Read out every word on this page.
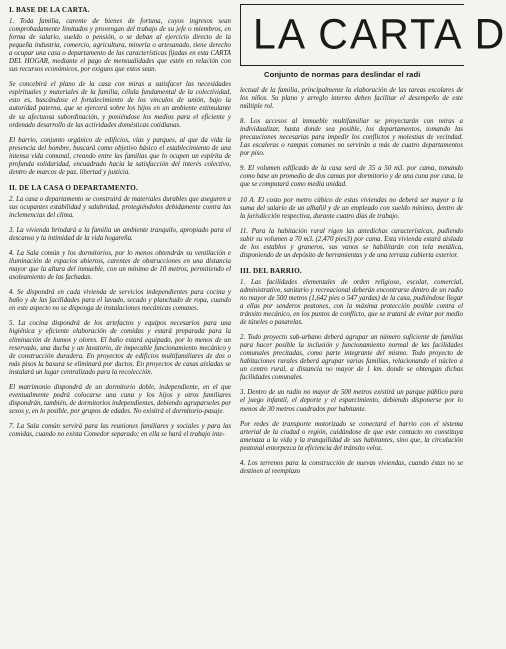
I. BASE DE LA CARTA.

1. Toda familia, carente de bienes de fortuna, cuyos ingresos sean comprobadamente limitados y provengan del trabajo de su jefe o miembros, en forma de salario, sueldo o pensión, o se deban al ejercicio directo de la pequeña industria, comercio, agricultura, minería o artesanado, tiene derecho a ocupar una casa o departamento de las características fijadas en esta CARTA DEL HOGAR, mediante el pago de mensualidades que estén en relación con sus recursos económicos, por exiguos que estos sean.

Se concebirá el plano de la casa con miras a satisfacer las necesidades espirituales y materiales de la familia, célula fundamental de la colectividad, esto es, buscándose el fortalecimiento de los vínculos de unión, bajo la autoridad paterna, que se ejercerá sobre los hijos en un ambiente estimulante de su afectuosa subordinación, y poniéndose los medios para el eficiente y ordenado desarrollo de las actividades domésticas cotidianas.

El barrio, conjunto orgánico de edificios, vías y parques, al que da vida la presencia del hombre, buscará como objetivo básico el establecimiento de una intensa vida comunal, creando entre las familias que lo ocupen un espíritu de profunda solidaridad, encuadrado hacia la satisfacción del interés colectivo, dentro de marcos de paz, libertad y justicia.

II. DE LA CASA O DEPARTAMENTO.

2. La casa o departamento se construirá de materiales durables que aseguren a sus ocupantes estabilidad y salubridad, protegiéndolos debidamente contra las inclemencias del clima.

3. La vivienda brindará a la familia un ambiente tranquilo, apropiado para el descanso y la intimidad de la vida hogareña.

4. La Sala común y los dormitorios, por lo menos obtendrán su ventilación e iluminación de espacios abiertos, carentes de obstrucciones en una distancia mayor que la altura del inmueble, con un mínimo de 10 metros, permitiendo el asoleamiento de las fachadas.

4. Se dispondrá en cada vivienda de servicios independientes para cocina y baño y de las facilidades para el lavado, secado y planchado de ropa, cuando en este aspecto no se disponga de instalaciones mecánicas comunes.

5. La cocina dispondrá de los artefactos y equipos necesarios para una higiénica y eficiente elaboración de comidas y estará preparada para la eliminación de humos y olores. El baño estará equipado, por lo menos de un reservado, una ducha y un lavatorio, de impecable funcionamiento mecánico y de construcción duradera. En proyectos de edificios multifamiliares de dos o más pisos la basura se eliminará por ductos. En proyectos de casas aisladas se instalará un lugar centralizado para la recolección.

El matrimonio dispondrá de un dormitorio doble, independiente, en el que eventualmente podrá colocarse una cuna y los hijos y otros familiares dispondrán, también, de dormitorios independientes, debiendo agruparseles por sexos y, en lo posible, por grupos de edades. No existirá el dormitorio-pasaje.

7. La Sala común servirá para las reuniones familiares y sociales y para las comidas, cuando no exista Comedor separado; en ella se hará el trabajo inte-

LA CARTA D
Conjunto de normas para deslindar el radi

lectual de la familia, principalmente la elaboración de las tareas escolares de los niños. Su plano y arreglo interno deben facilitar el desempeño de este múltiple rol.

8. Los accesos al inmueble multifamiliar se proyectarán con miras a individualizar, hasta donde sea posible, los departamentos, tomando las precauciones necesarias para impedir los conflictos y molestias de vecindad. Las escaleras o rampas comunes no servirán a más de cuatro departamentos por piso.

9. El volumen edificado de la casa será de 35 a 50 m3. por cama, tomando como base un promedio de dos camas por dormitorio y de una cuna por casa, la que se computará como media unidad.

10 A. El costo por metro cúbico de estas viviendas no deberá ser mayor a la suma del salario de un albañil y de un empleado con sueldo mínimo, dentro de la jurisdicción respectiva, durante cuatro días de trabajo.

11. Para la habitación rural rigen las antedichas características, pudiendo subir su volumen a 70 m3. (2,470 pies3) por cama. Esta vivienda estará aislada de los establos y graneros, sus vanos se habilitarán con tela metálica, disponiendo de un depósito de herramientas y de una terraza cubierta exterior.

III. DEL BARRIO.

1. Las facilidades elementales de orden religioso, escolar, comercial, administrativo, sanitario y recreacional deberán encontrarse dentro de un radio no mayor de 500 metros (1,642 pies o 547 yardas) de la casa, pudiéndose llegar a ellas por senderos peatones, con la máxima protección posible contra el tránsito mecánico, en los puntos de conflicto, que se tratará de evitar por medio de túneles o pasarelas.

2. Todo proyecto sub-urbano deberá agrupar un número suficiente de familias para hacer posible la inclusión y funcionamiento normal de las facilidades comunales precitadas, como parte integrante del mismo. Todo proyecto de habitaciones rurales deberá agrupar varias familias, relacionando el núcleo a un centro rural, a distancia no mayor de 1 km. donde se obtengan dichas facilidades comunales.

3. Dentro de un radio no mayor de 500 metros existirá un parque público para el juego infantil, el deporte y el esparcimiento, debiendo disponerse por lo menos de 30 metros cuadrados por habitante.

Por redes de transporte motorizado se conectará el barrio con el sistema arterial de la ciudad o región, cuidándose de que este contacto no constituya amenaza a la vida y la tranquilidad de sus habitantes, sino que, la circulación peatonal entorpezca la eficiencia del tránsito veloz.

4. Los terrenos para la construcción de nuevas viviendas, cuando éstas no se destinen al reemplazo
